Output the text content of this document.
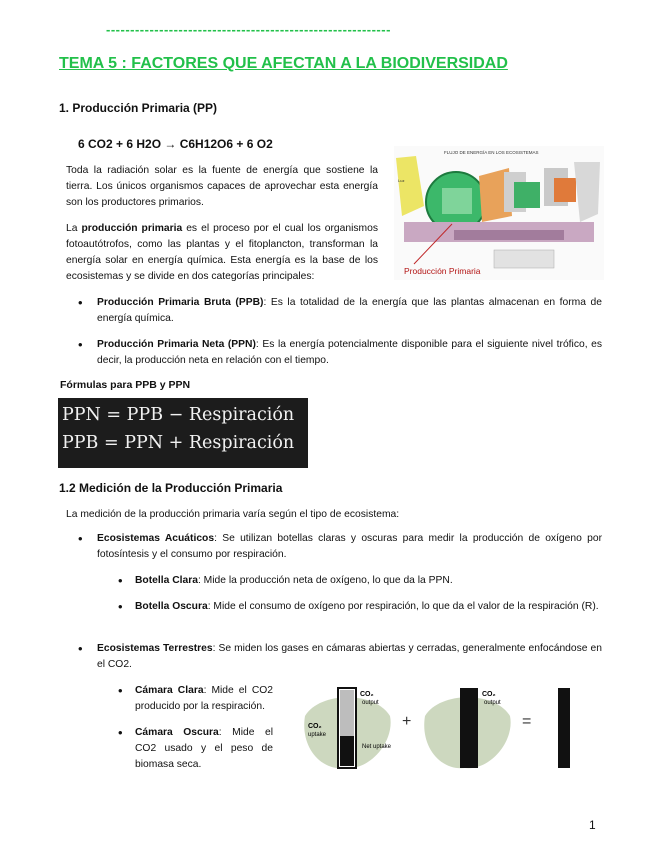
-----------------------------------------------------------
TEMA 5 : FACTORES QUE AFECTAN A LA BIODIVERSIDAD
1. Producción Primaria (PP)
6 CO2 + 6 H2O → C6H12O6 + 6 O2
Toda la radiación solar es la fuente de energía que sostiene la tierra. Los únicos organismos capaces de aprovechar esta energía son los productores primarios.
La producción primaria es el proceso por el cual los organismos fotoautótrofos, como las plantas y el fitoplancton, transforman la energía solar en energía química. Esta energía es la base de los ecosistemas y se divide en dos categorías principales:
FLUJO DE ENERGÍA EN LOS ECOSISTEMAS
Luz
Producción Primaria
• Producción Primaria Bruta (PPB): Es la totalidad de la energía que las plantas almacenan en forma de energía química.
• Producción Primaria Neta (PPN): Es la energía potencialmente disponible para el siguiente nivel trófico, es decir, la producción neta en relación con el tiempo.
Fórmulas para PPB y PPN
PPN = PPB − Respiración
PPB = PPN + Respiración
1.2 Medición de la Producción Primaria
La medición de la producción primaria varía según el tipo de ecosistema:
• Ecosistemas Acuáticos: Se utilizan botellas claras y oscuras para medir la producción de oxígeno por fotosíntesis y el consumo por respiración.
• Botella Clara: Mide la producción neta de oxígeno, lo que da la PPN.
• Botella Oscura: Mide el consumo de oxígeno por respiración, lo que da el valor de la respiración (R).
• Ecosistemas Terrestres: Se miden los gases en cámaras abiertas y cerradas, generalmente enfocándose en el CO2.
• Cámara Clara: Mide el CO2 producido por la respiración.
• Cámara Oscura: Mide el CO2 usado y el peso de biomasa seca.
CO₂
output
CO₂
uptake
Net uptake
+
CO₂
output
=
1
